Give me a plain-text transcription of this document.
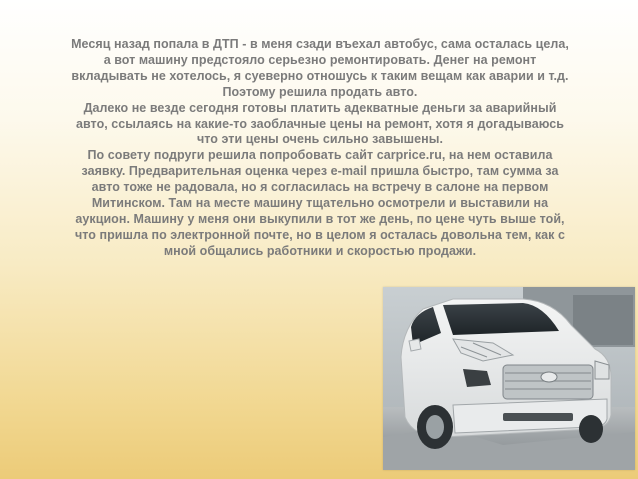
Месяц назад попала в ДТП - в меня сзади въехал автобус, сама осталась цела,
а вот машину предстояло серьезно ремонтировать. Денег на ремонт
вкладывать не хотелось, я суеверно отношусь к таким вещам как аварии и т.д.
Поэтому решила продать авто.
Далеко не везде сегодня готовы платить адекватные деньги за аварийный
авто, ссылаясь на какие-то заоблачные цены на ремонт, хотя я догадываюсь
что эти цены очень сильно завышены.
По совету подруги решила попробовать сайт carprice.ru, на нем оставила
заявку. Предварительная оценка через e-mail пришла быстро, там сумма за
авто тоже не радовала, но я согласилась на встречу в салоне на первом
Митинском. Там на месте машину тщательно осмотрели и выставили на
аукцион. Машину у меня они выкупили в тот же день, по цене чуть выше той,
что пришла по электронной почте, но в целом я осталась довольна тем, как с
мной общались работники и скоростью продажи.
